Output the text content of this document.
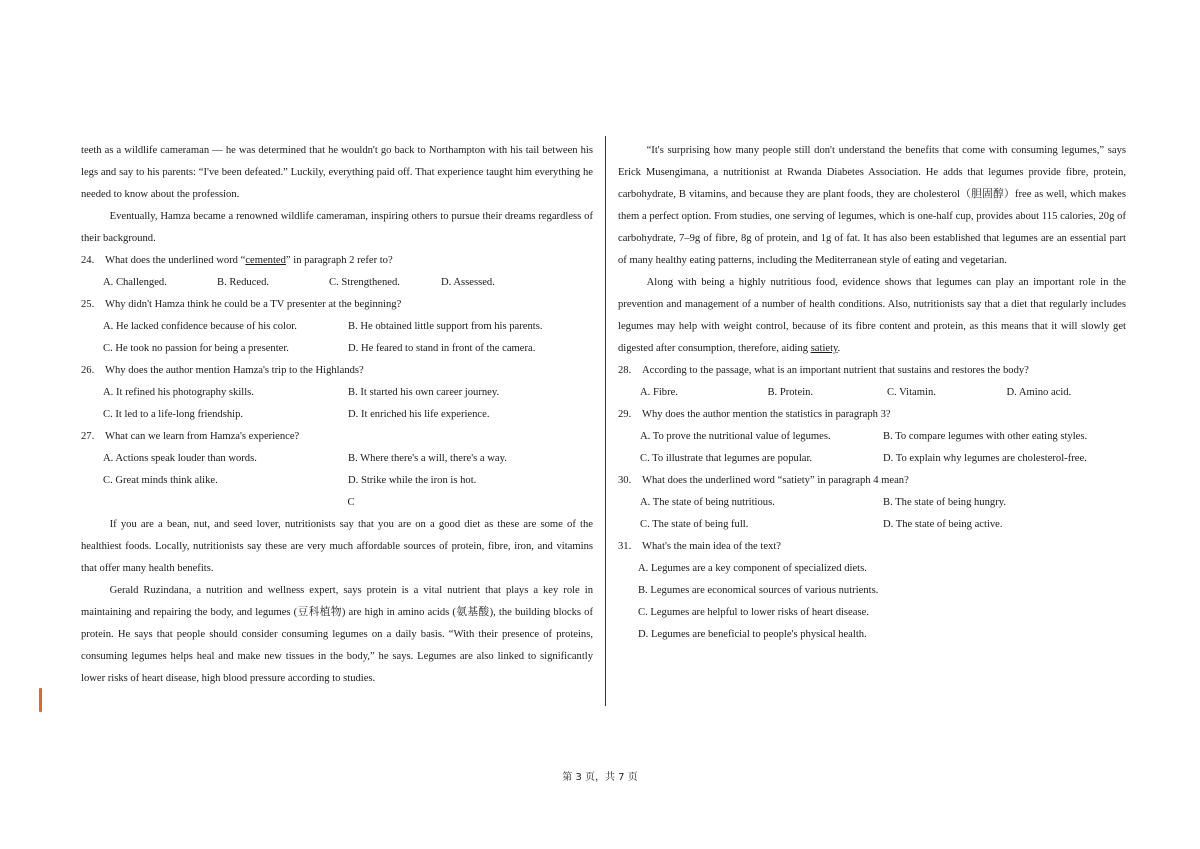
teeth as a wildlife cameraman — he was determined that he wouldn't go back to Northampton with his tail between his legs and say to his parents: “I've been defeated.” Luckily, everything paid off. That experience taught him everything he needed to know about the profession.

Eventually, Hamza became a renowned wildlife cameraman, inspiring others to pursue their dreams regardless of their background.

24. What does the underlined word “cemented” in paragraph 2 refer to?

A. Challenged.	B. Reduced.	C. Strengthened.	D. Assessed.

25. Why didn't Hamza think he could be a TV presenter at the beginning?

A. He lacked confidence because of his color.	B. He obtained little support from his parents.
C. He took no passion for being a presenter.	D. He feared to stand in front of the camera.

26. Why does the author mention Hamza's trip to the Highlands?

A. It refined his photography skills.	B. It started his own career journey.
C. It led to a life-long friendship.	D. It enriched his life experience.

27. What can we learn from Hamza's experience?

A. Actions speak louder than words.	B. Where there's a will, there's a way.
C. Great minds think alike.	D. Strike while the iron is hot.

C

If you are a bean, nut, and seed lover, nutritionists say that you are on a good diet as these are some of the healthiest foods. Locally, nutritionists say these are very much affordable sources of protein, fibre, iron, and vitamins that offer many health benefits.

Gerald Ruzindana, a nutrition and wellness expert, says protein is a vital nutrient that plays a key role in maintaining and repairing the body, and legumes (豆科植物) are high in amino acids (氨基酸), the building blocks of protein. He says that people should consider consuming legumes on a daily basis. “With their presence of proteins, consuming legumes helps heal and make new tissues in the body,” he says. Legumes are also linked to significantly lower risks of heart disease, high blood pressure according to studies.

“It's surprising how many people still don't understand the benefits that come with consuming legumes,” says Erick Musengimana, a nutritionist at Rwanda Diabetes Association. He adds that legumes provide fibre, protein, carbohydrate, B vitamins, and because they are plant foods, they are cholesterol（胆固醇）free as well, which makes them a perfect option. From studies, one serving of legumes, which is one-half cup, provides about 115 calories, 20g of carbohydrate, 7–9g of fibre, 8g of protein, and 1g of fat. It has also been established that legumes are an essential part of many healthy eating patterns, including the Mediterranean style of eating and vegetarian.

Along with being a highly nutritious food, evidence shows that legumes can play an important role in the prevention and management of a number of health conditions. Also, nutritionists say that a diet that regularly includes legumes may help with weight control, because of its fibre content and protein, as this means that it will slowly get digested after consumption, therefore, aiding satiety.

28. According to the passage, what is an important nutrient that sustains and restores the body?

A. Fibre.	B. Protein.	C. Vitamin.	D. Amino acid.

29. Why does the author mention the statistics in paragraph 3?

A. To prove the nutritional value of legumes.	B. To compare legumes with other eating styles.
C. To illustrate that legumes are popular.	D. To explain why legumes are cholesterol-free.

30. What does the underlined word “satiety” in paragraph 4 mean?

A. The state of being nutritious.	B. The state of being hungry.
C. The state of being full.	D. The state of being active.

31. What's the main idea of the text?

A. Legumes are a key component of specialized diets.

B. Legumes are economical sources of various nutrients.

C. Legumes are helpful to lower risks of heart disease.

D. Legumes are beneficial to people's physical health.

第 3 页，共 7 页
